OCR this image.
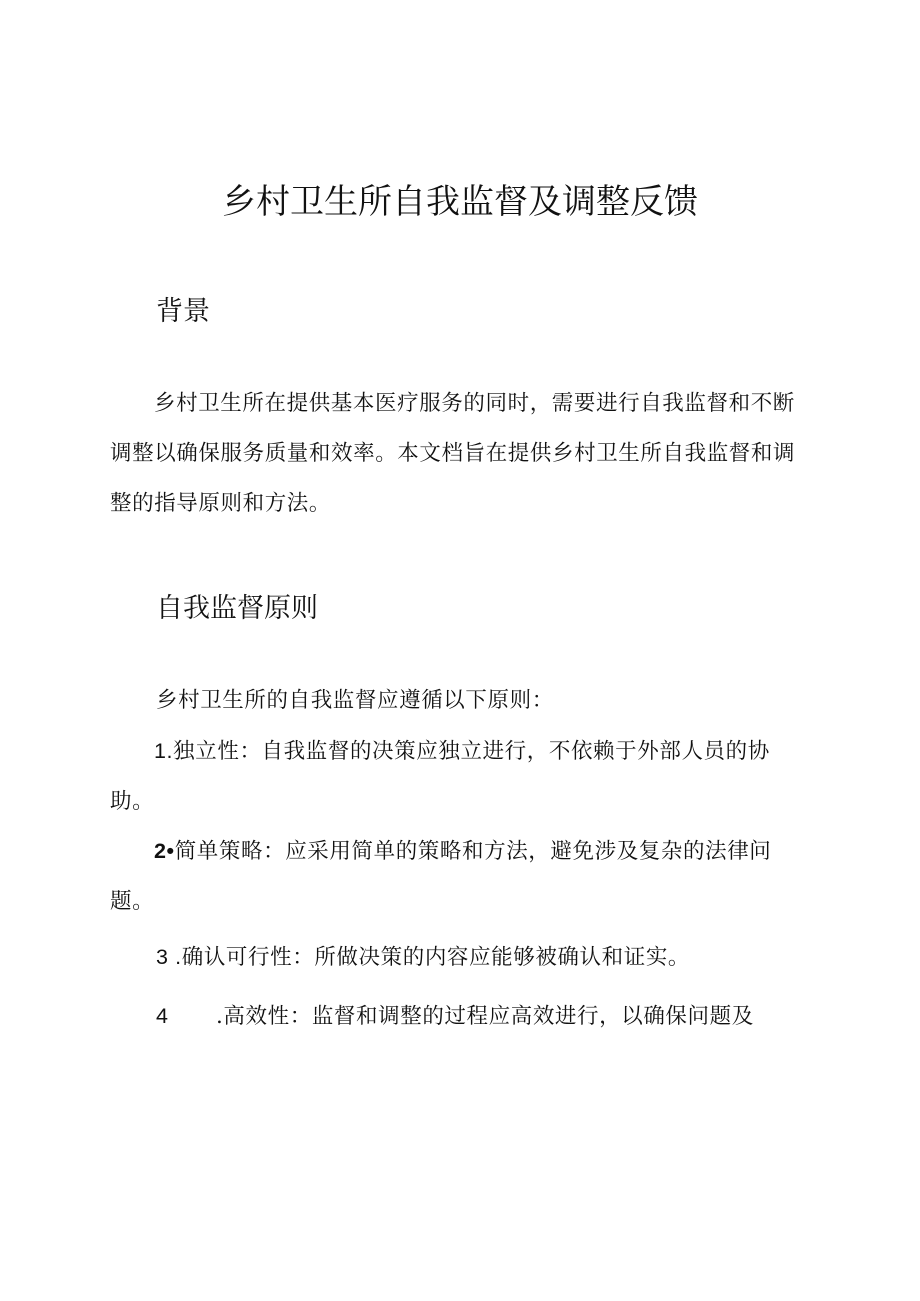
乡村卫生所自我监督及调整反馈
背景

乡村卫生所在提供基本医疗服务的同时，需要进行自我监督和不断调整以确保服务质量和效率。本文档旨在提供乡村卫生所自我监督和调整的指导原则和方法。

自我监督原则

乡村卫生所的自我监督应遵循以下原则：

1.独立性：自我监督的决策应独立进行，不依赖于外部人员的协助。

2•简单策略：应采用简单的策略和方法，避免涉及复杂的法律问题。

3 .确认可行性：所做决策的内容应能够被确认和证实。

4 .高效性：监督和调整的过程应高效进行，以确保问题及
